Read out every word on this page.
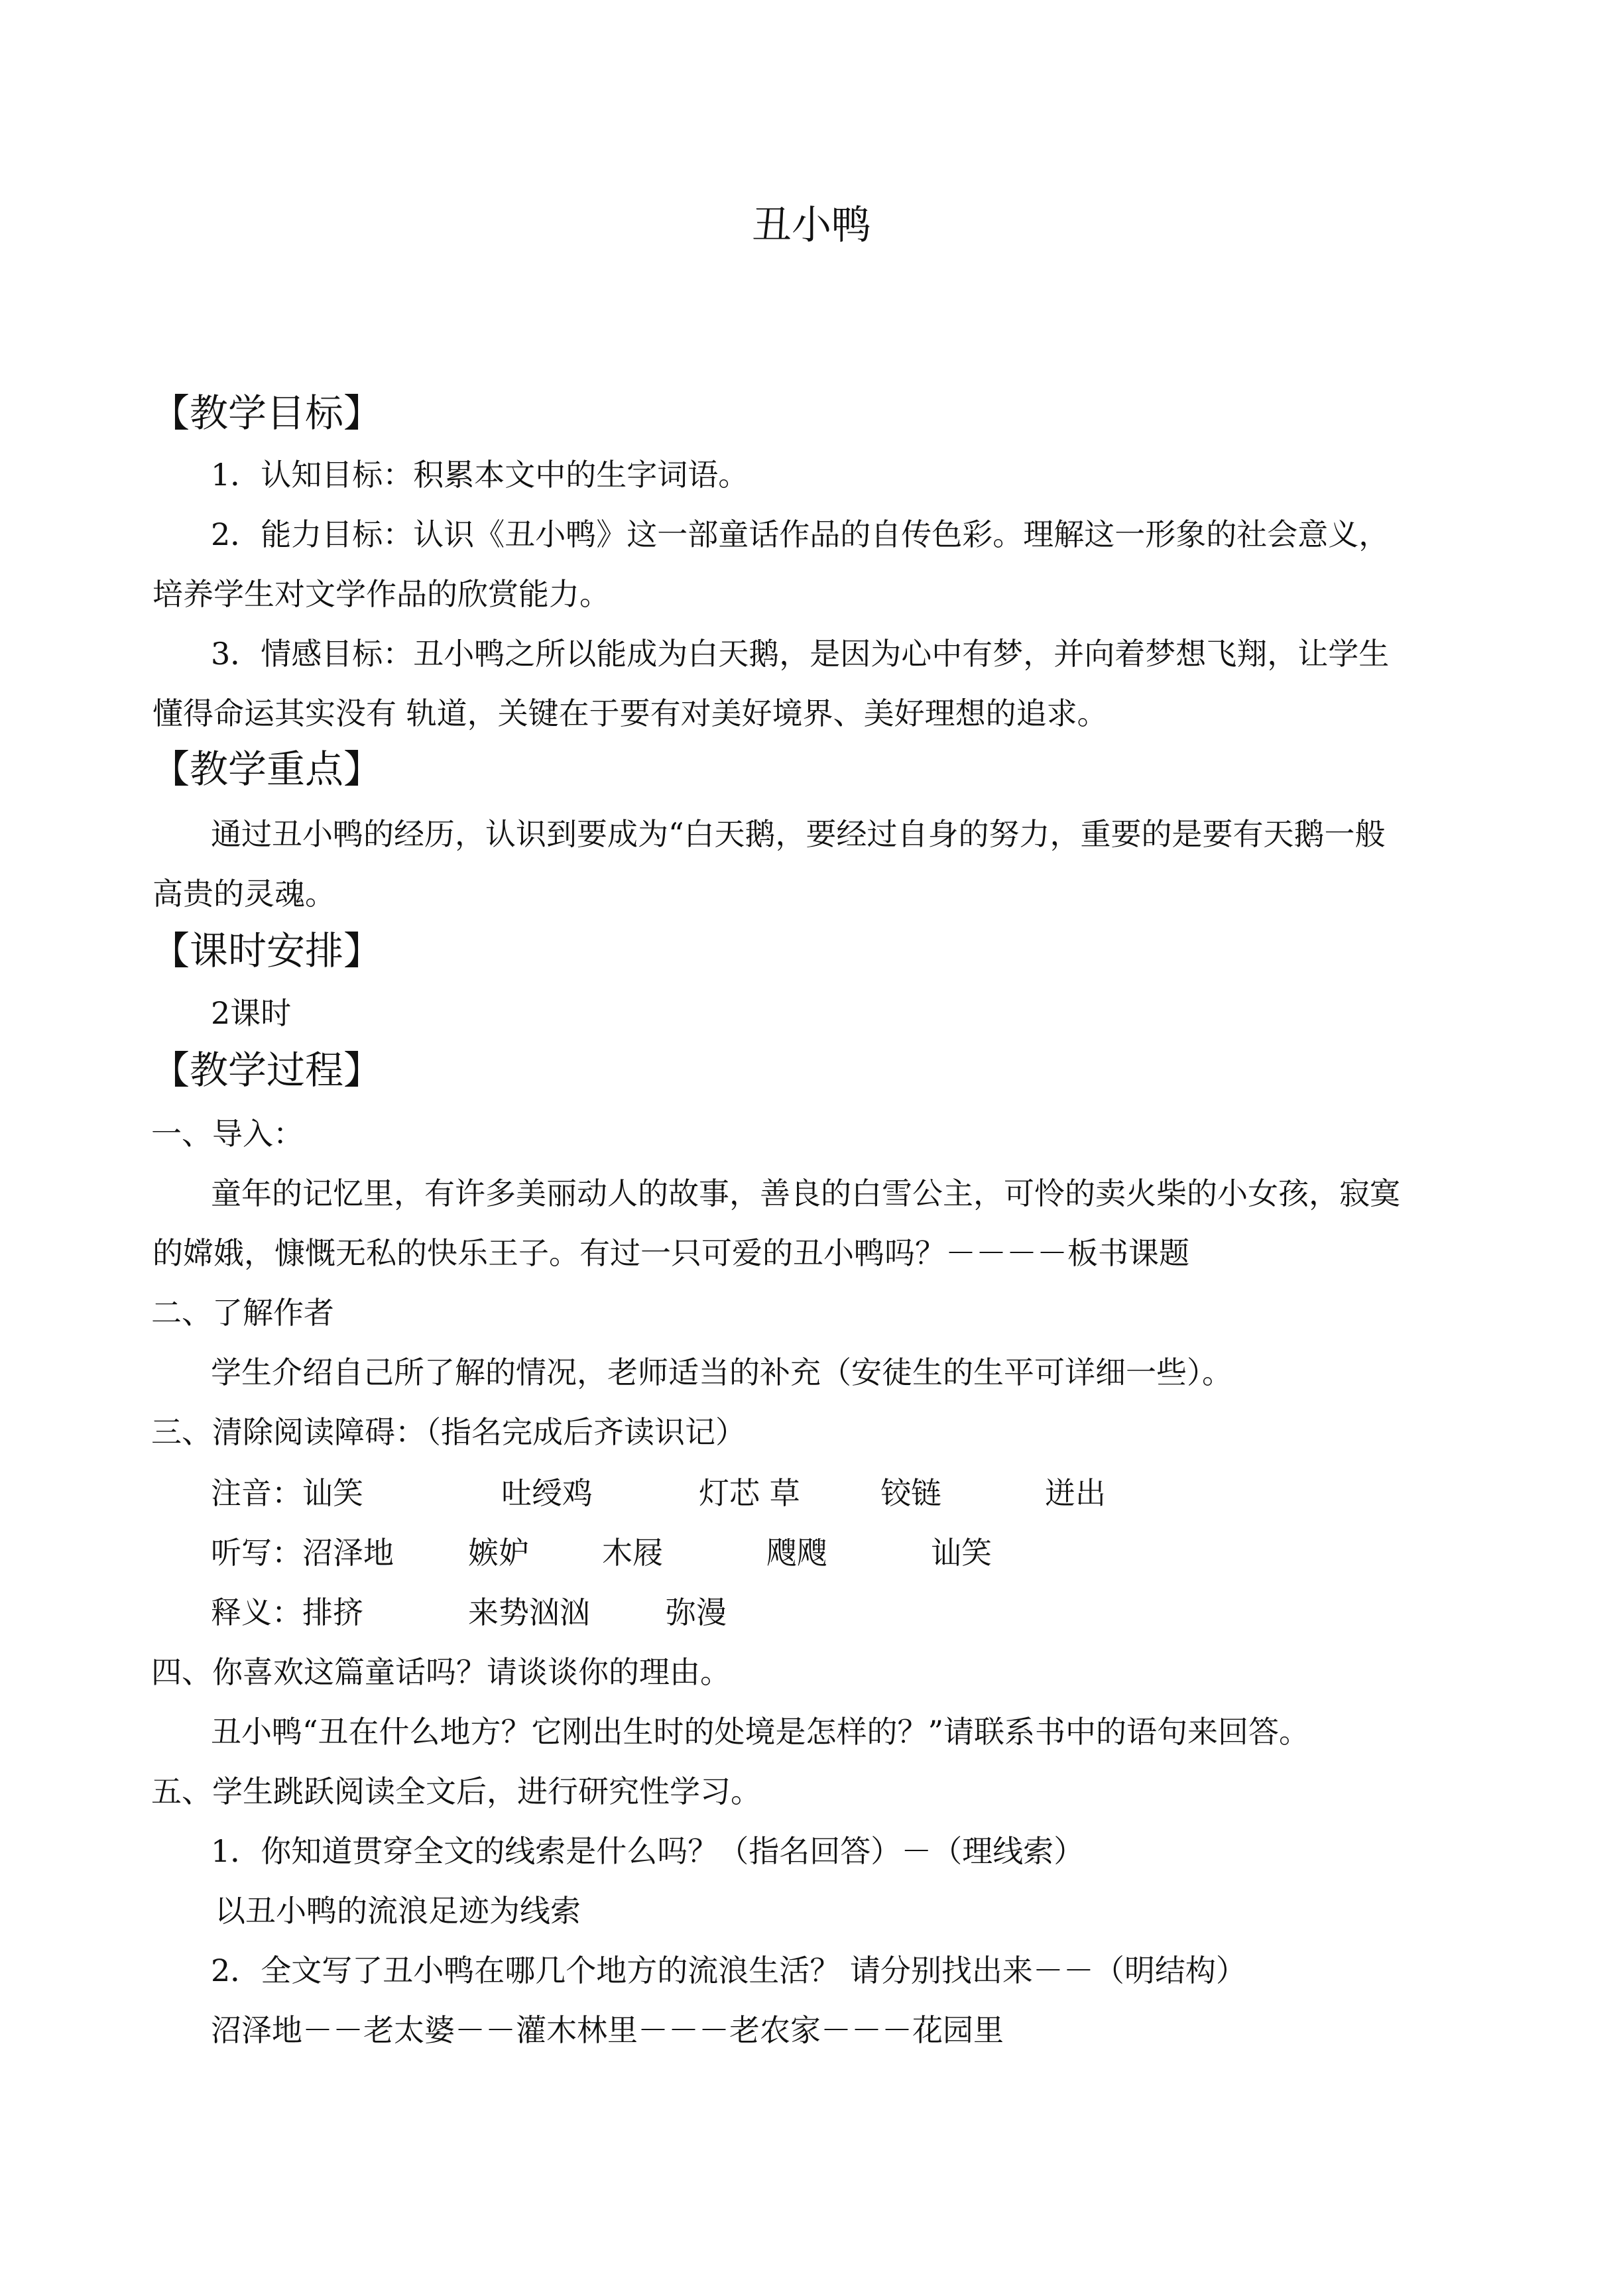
丑小鸭
【教学目标】
1．认知目标：积累本文中的生字词语。
2．能力目标：认识《丑小鸭》这一部童话作品的自传色彩。理解这一形象的社会意义，
培养学生对文学作品的欣赏能力。
3．情感目标：丑小鸭之所以能成为白天鹅，是因为心中有梦，并向着梦想飞翔，让学生
懂得命运其实没有 轨道，关键在于要有对美好境界、美好理想的追求。
【教学重点】
通过丑小鸭的经历，认识到要成为“白天鹅，要经过自身的努力，重要的是要有天鹅一般
高贵的灵魂。
【课时安排】
2课时
【教学过程】
一、导入：
童年的记忆里，有许多美丽动人的故事，善良的白雪公主，可怜的卖火柴的小女孩，寂寞
的嫦娥，慷慨无私的快乐王子。有过一只可爱的丑小鸭吗？－－－－板书课题
二、了解作者
学生介绍自己所了解的情况，老师适当的补充（安徒生的生平可详细一些）。
三、清除阅读障碍：（指名完成后齐读识记）
注音：讪笑	吐绶鸡	灯芯 草	铰链	迸出
听写：沼泽地 嫉妒 木屐	飕飕	讪笑
释义：排挤	来势汹汹 弥漫
四、你喜欢这篇童话吗？请谈谈你的理由。
丑小鸭“丑在什么地方？它刚出生时的处境是怎样的？”请联系书中的语句来回答。
五、学生跳跃阅读全文后，进行研究性学习。
1．你知道贯穿全文的线索是什么吗？（指名回答）－（理线索）
以丑小鸭的流浪足迹为线索
2．全文写了丑小鸭在哪几个地方的流浪生活？ 请分别找出来－－（明结构）
沼泽地－－老太婆－－灌木林里－－－老农家－－－花园里
